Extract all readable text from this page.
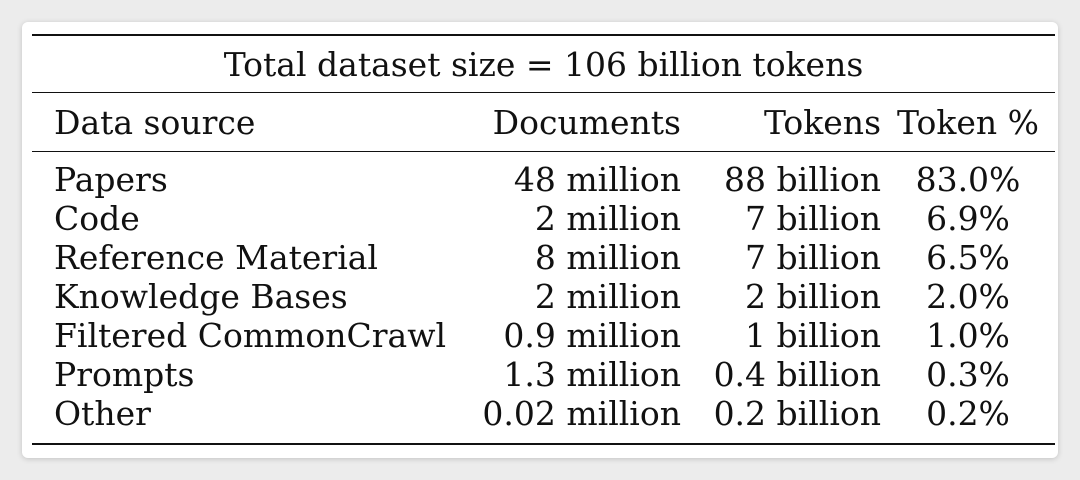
Total dataset size = 106 billion tokens			
Data source	Documents	Tokens	Token %
Papers	48 million	88 billion	83.0%
Code	2 million	7 billion	6.9%
Reference Material	8 million	7 billion	6.5%
Knowledge Bases	2 million	2 billion	2.0%
Filtered CommonCrawl	0.9 million	1 billion	1.0%
Prompts	1.3 million	0.4 billion	0.3%
Other	0.02 million	0.2 billion	0.2%
